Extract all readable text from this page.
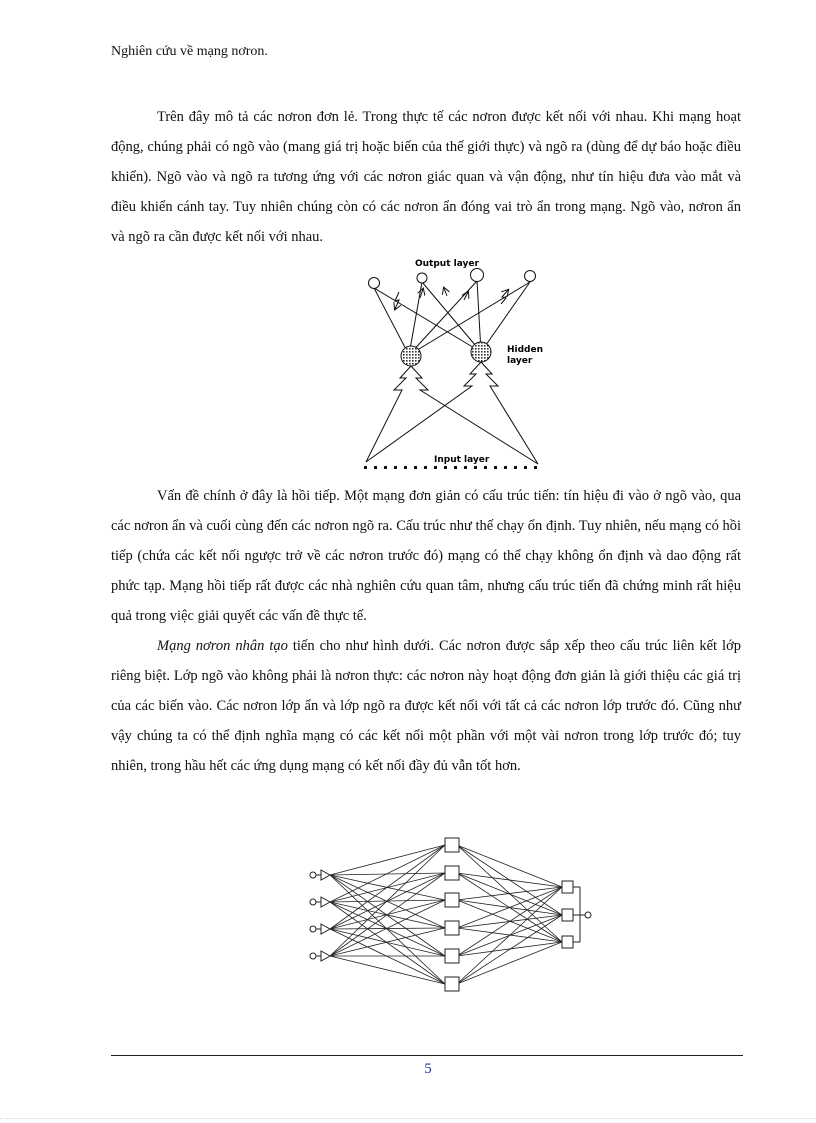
Nghiên cứu về mạng nơron.
Trên đây mô tả các nơron đơn lẻ. Trong thực tế các nơron được kết nối với nhau. Khi mạng hoạt động, chúng phải có ngõ vào (mang giá trị hoặc biến của thế giới thực) và ngõ ra (dùng để dự báo hoặc điều khiển). Ngõ vào và ngõ ra tương ứng với các nơron giác quan và vận động, như tín hiệu đưa vào mắt và điều khiển cánh tay. Tuy nhiên chúng còn có các nơron ẩn đóng vai trò ẩn trong mạng. Ngõ vào, nơron ẩn và ngõ ra cần được kết nối với nhau.
Output layer
Hidden
layer
Input layer
Vấn đề chính ở đây là hồi tiếp. Một mạng đơn giản có cấu trúc tiến: tín hiệu đi vào ở ngõ vào, qua các nơron ẩn và cuối cùng đến các nơron ngõ ra. Cấu trúc như thế chạy ổn định. Tuy nhiên, nếu mạng có hồi tiếp (chứa các kết nối ngược trở về các nơron trước đó) mạng có thể chạy không ổn định và dao động rất phức tạp. Mạng hồi tiếp rất được các nhà nghiên cứu quan tâm, nhưng cấu trúc tiến đã chứng minh rất hiệu quả trong việc giải quyết các vấn đề thực tế.
Mạng nơron nhân tạo tiến cho như hình dưới. Các nơron được sắp xếp theo cấu trúc liên kết lớp riêng biệt. Lớp ngõ vào không phải là nơron thực: các nơron này hoạt động đơn giản là giới thiệu các giá trị của các biến vào. Các nơron lớp ẩn và lớp ngõ ra được kết nối với tất cả các nơron lớp trước đó. Cũng như vậy chúng ta có thể định nghĩa mạng có các kết nối một phần với một vài nơron trong lớp trước đó; tuy nhiên, trong hầu hết các ứng dụng mạng có kết nối đầy đủ vẫn tốt hơn.
5
